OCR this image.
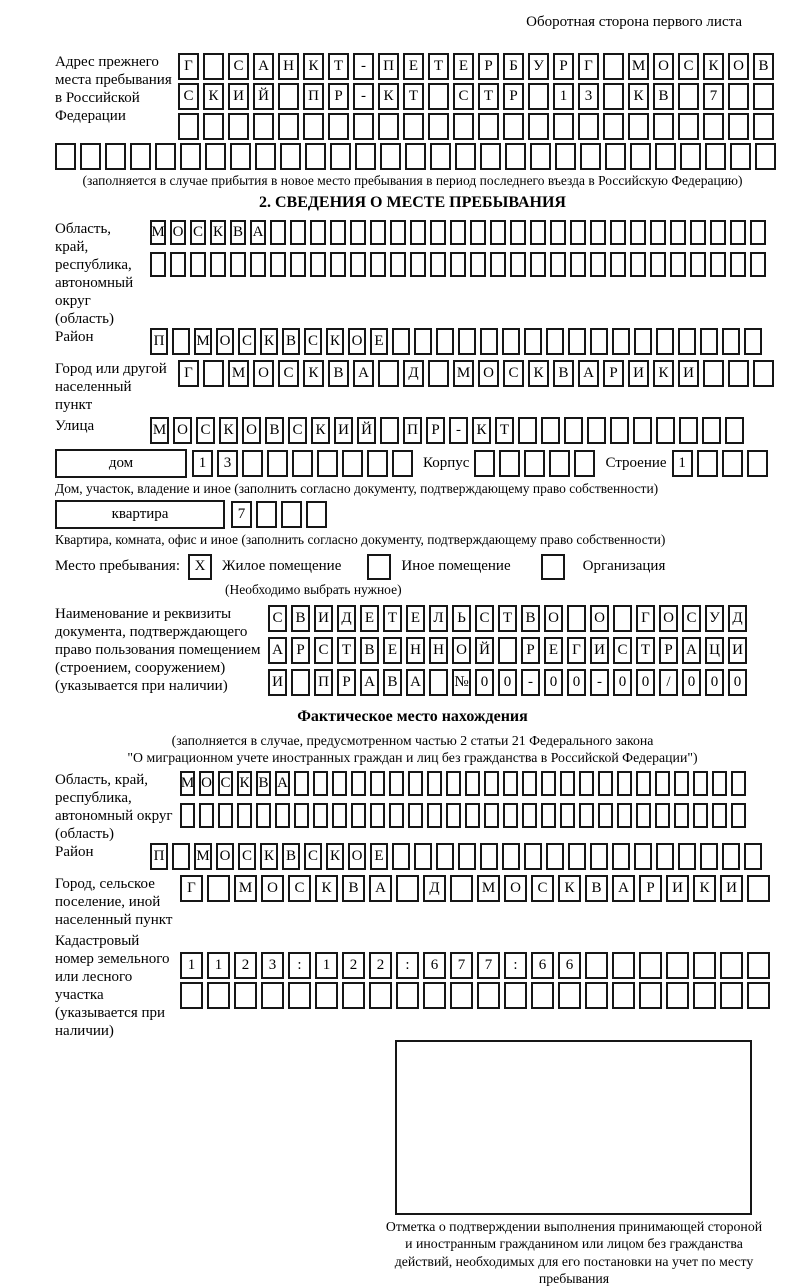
Оборотная сторона первого листа
Адрес прежнего места пребывания в Российской Федерации
Г	С А Н К	Т	-	П Е	Т	Е	Р	Б	У	Р	Г	М О С К О В
С К И Й	П	Р	-	К	Т	С	Т	Р	1	3	К В	7
(заполняется в случае прибытия в новое место пребывания в период последнего въезда в Российскую Федерацию)
2. СВЕДЕНИЯ О МЕСТЕ ПРЕБЫВАНИЯ
Область, край, республика, автономный округ (область)
М О С К В А
Район	П М О С К В С К О Е
Город или другой населенный пункт
Г	М О С К В А	Д	М О С К В А	Р	И К И
Улица	М О С К О В С К И Й П Р	-	К Т
дом	1	3	Корпус	Строение 1
Дом, участок, владение и иное (заполнить согласно документу, подтверждающему право собственности)
квартира	7
Квартира, комната, офис и иное (заполнить согласно документу, подтверждающему право собственности)
Место пребывания: X	Жилое помещение	Иное помещение	Организация
(Необходимо выбрать нужное)
Наименование и реквизиты документа, подтверждающего право пользования помещением (строением, сооружением) (указывается при наличии)
С В И Д Е Т Е Л Ь С Т В О О	Г О С У Д
А Р С Т В Е Н Н О Й	Р Е Г И С Т Р А Ц И
И П Р А В А № 0	0	-	0	0	-	0	0	/	0	0	0
Фактическое место нахождения
(заполняется в случае, предусмотренном частью 2 статьи 21 Федерального закона
"О миграционном учете иностранных граждан и лиц без гражданства в Российской Федерации")
Область, край, республика, автономный округ (область)
М О С К В А
Район	П М О С К В С К О Е
Город, сельское поселение, иной населенный пункт
Г	М О	С	К	В	А	Д	М О	С	К	В	А	Р	И	К	И
Кадастровый номер земельного или лесного участка (указывается при наличии)
1	1	2	3	:	1	2	2	:	6	7	7	:	6	6
Отметка о подтверждении выполнения принимающей стороной и иностранным гражданином или лицом без гражданства действий, необходимых для его постановки на учет по месту пребывания
